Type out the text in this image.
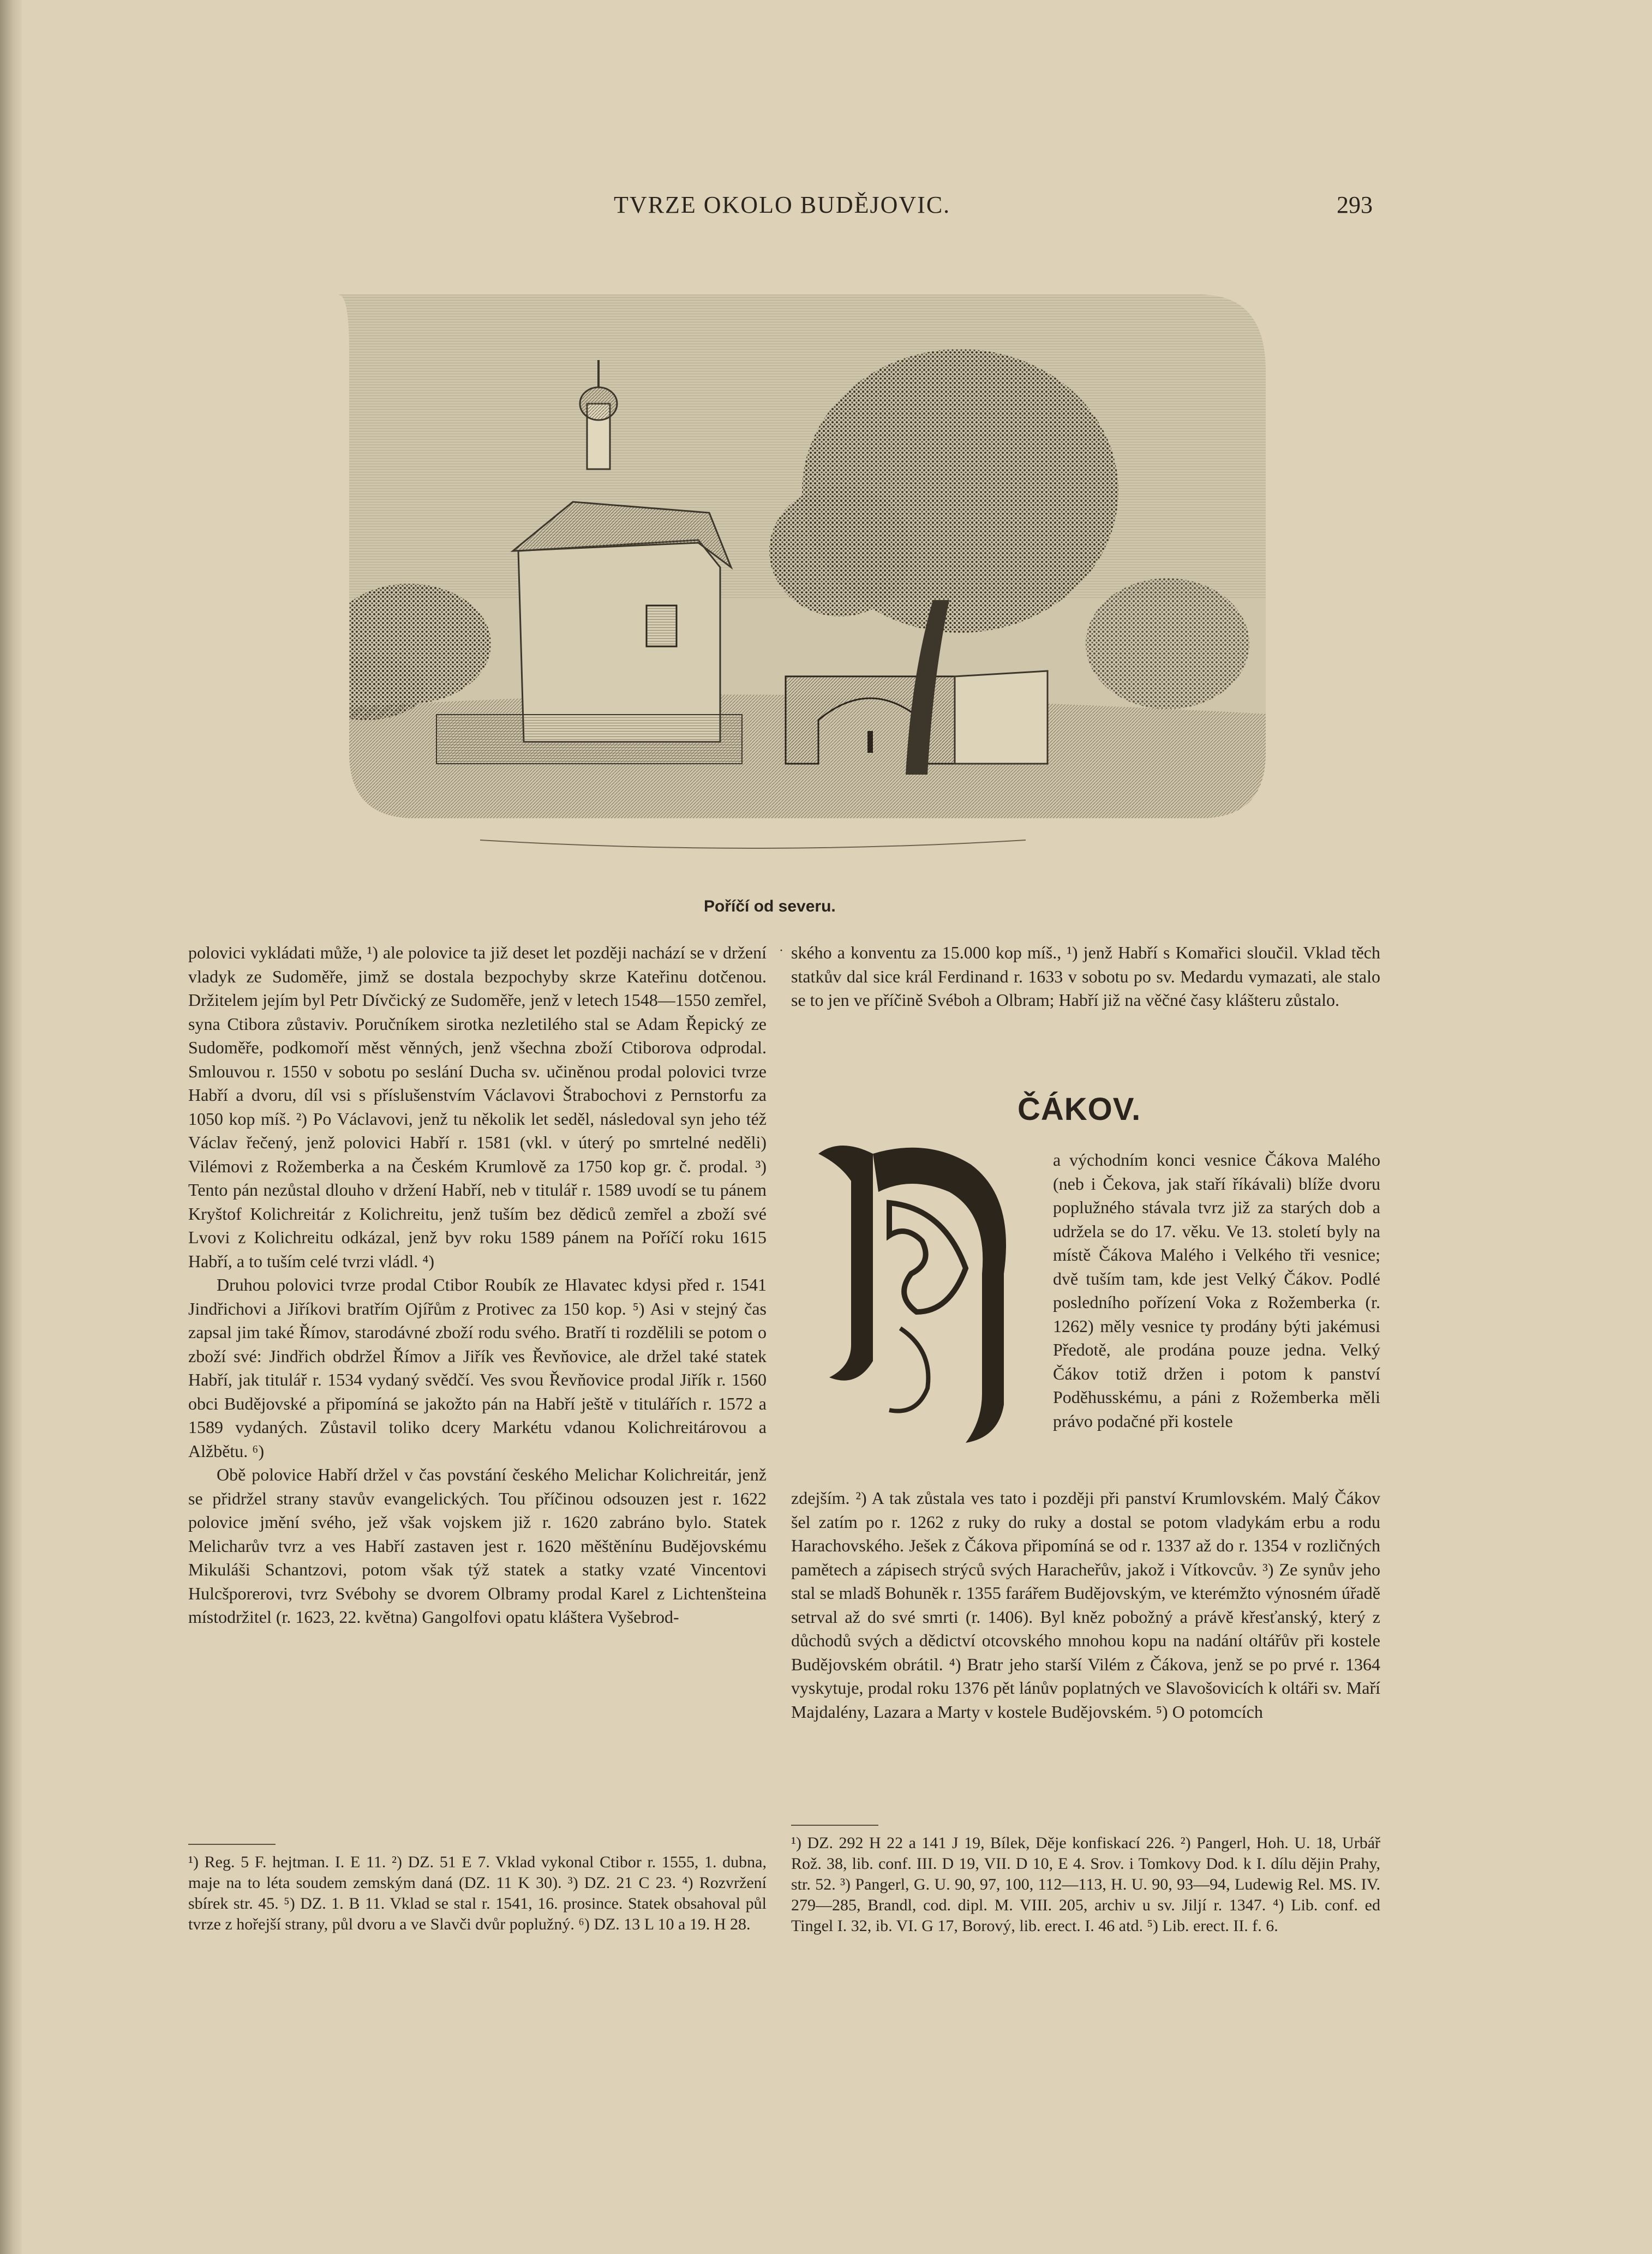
TVRZE OKOLO BUDĚJOVIC.	293
Poříčí od severu.

polovici vykládati může, ¹) ale polovice ta již deset let později nachází se v držení vladyk ze Sudoměře, jimž se dostala bezpochyby skrze Kateřinu dotčenou. Držitelem jejím byl Petr Dívčický ze Sudoměře, jenž v letech 1548—1550 zemřel, syna Ctibora zůstaviv. Poručníkem sirotka nezletilého stal se Adam Řepický ze Sudoměře, podkomoří měst věnných, jenž všechna zboží Ctiborova odprodal. Smlouvou r. 1550 v sobotu po seslání Ducha sv. učiněnou prodal polovici tvrze Habří a dvoru, díl vsi s příslušenstvím Václavovi Štrabochovi z Pernstorfu za 1050 kop míš. ²) Po Václavovi, jenž tu několik let seděl, následoval syn jeho též Václav řečený, jenž polovici Habří r. 1581 (vkl. v úterý po smrtelné neděli) Vilémovi z Rožemberka a na Českém Krumlově za 1750 kop gr. č. prodal. ³) Tento pán nezůstal dlouho v držení Habří, neb v titulář r. 1589 uvodí se tu pánem Kryštof Kolichreitár z Kolichreitu, jenž tuším bez dědiců zemřel a zboží své Lvovi z Kolichreitu odkázal, jenž byv roku 1589 pánem na Poříčí roku 1615 Habří, a to tuším celé tvrzi vládl. ⁴)

Druhou polovici tvrze prodal Ctibor Roubík ze Hlavatec kdysi před r. 1541 Jindřichovi a Jiříkovi bratřím Ojířům z Protivec za 150 kop. ⁵) Asi v stejný čas zapsal jim také Římov, starodávné zboží rodu svého. Bratří ti rozdělili se potom o zboží své: Jindřich obdržel Římov a Jiřík ves Řevňovice, ale držel také statek Habří, jak titulář r. 1534 vydaný svědčí. Ves svou Řevňovice prodal Jiřík r. 1560 obci Budějovské a připomíná se jakožto pán na Habří ještě v titulářích r. 1572 a 1589 vydaných. Zůstavil toliko dcery Markétu vdanou Kolichreitárovou a Alžbětu. ⁶)

Obě polovice Habří držel v čas povstání českého Melichar Kolichreitár, jenž se přidržel strany stavův evangelických. Tou příčinou odsouzen jest r. 1622 polovice jmění svého, jež však vojskem již r. 1620 zabráno bylo. Statek Melicharův tvrz a ves Habří zastaven jest r. 1620 měštěnínu Budějovskému Mikuláši Schantzovi, potom však týž statek a statky vzaté Vincentovi Hulcšporerovi, tvrz Svébohy se dvorem Olbramy prodal Karel z Lichtenšteina místodržitel (r. 1623, 22. května) Gangolfovi opatu kláštera Vyšebrod-

· ského a konventu za 15.000 kop míš., ¹) jenž Habří s Komařici sloučil. Vklad těch statkův dal sice král Ferdinand r. 1633 v sobotu po sv. Medardu vymazati, ale stalo se to jen ve příčině Svéboh a Olbram; Habří již na věčné časy klášteru zůstalo.

ČÁKOV.

a východním konci vesnice Čákova Malého (neb i Čekova, jak staří říkávali) blíže dvoru poplužného stávala tvrz již za starých dob a udržela se do 17. věku. Ve 13. století byly na místě Čákova Malého i Velkého tři vesnice; dvě tuším tam, kde jest Velký Čákov. Podlé posledního pořízení Voka z Rožemberka (r. 1262) měly vesnice ty prodány býti jakémusi Předotě, ale prodána pouze jedna. Velký Čákov totiž držen i potom k panství Poděhusskému, a páni z Rožemberka měli právo podačné při kostele

zdejším. ²) A tak zůstala ves tato i později při panství Krumlovském. Malý Čákov šel zatím po r. 1262 z ruky do ruky a dostal se potom vladykám erbu a rodu Harachovského. Ješek z Čákova připomíná se od r. 1337 až do r. 1354 v rozličných pamětech a zápisech strýců svých Haracheřův, jakož i Vítkovcův. ³) Ze synův jeho stal se mladš Bohuněk r. 1355 farářem Budějovským, ve kterémžto výnosném úřadě setrval až do své smrti (r. 1406). Byl kněz pobožný a právě křesťanský, který z důchodů svých a dědictví otcovského mnohou kopu na nadání oltářův při kostele Budějovském obrátil. ⁴) Bratr jeho starší Vilém z Čákova, jenž se po prvé r. 1364 vyskytuje, prodal roku 1376 pět lánův poplatných ve Slavošovicích k oltáři sv. Maří Majdalény, Lazara a Marty v kostele Budějovském. ⁵) O potomcích

¹) Reg. 5 F. hejtman. I. E 11. ²) DZ. 51 E 7. Vklad vykonal Ctibor r. 1555, 1. dubna, maje na to léta soudem zemským daná (DZ. 11 K 30). ³) DZ. 21 C 23. ⁴) Rozvržení sbírek str. 45. ⁵) DZ. 1. B 11. Vklad se stal r. 1541, 16. prosince. Statek obsahoval půl tvrze z hořejší strany, půl dvoru a ve Slavči dvůr poplužný. ⁶) DZ. 13 L 10 a 19. H 28.
¹) DZ. 292 H 22 a 141 J 19, Bílek, Děje konfiskací 226. ²) Pangerl, Hoh. U. 18, Urbář Rož. 38, lib. conf. III. D 19, VII. D 10, E 4. Srov. i Tomkovy Dod. k I. dílu dějin Prahy, str. 52. ³) Pangerl, G. U. 90, 97, 100, 112—113, H. U. 90, 93—94, Ludewig Rel. MS. IV. 279—285, Brandl, cod. dipl. M. VIII. 205, archiv u sv. Jiljí r. 1347. ⁴) Lib. conf. ed Tingel I. 32, ib. VI. G 17, Borový, lib. erect. I. 46 atd. ⁵) Lib. erect. II. f. 6.
